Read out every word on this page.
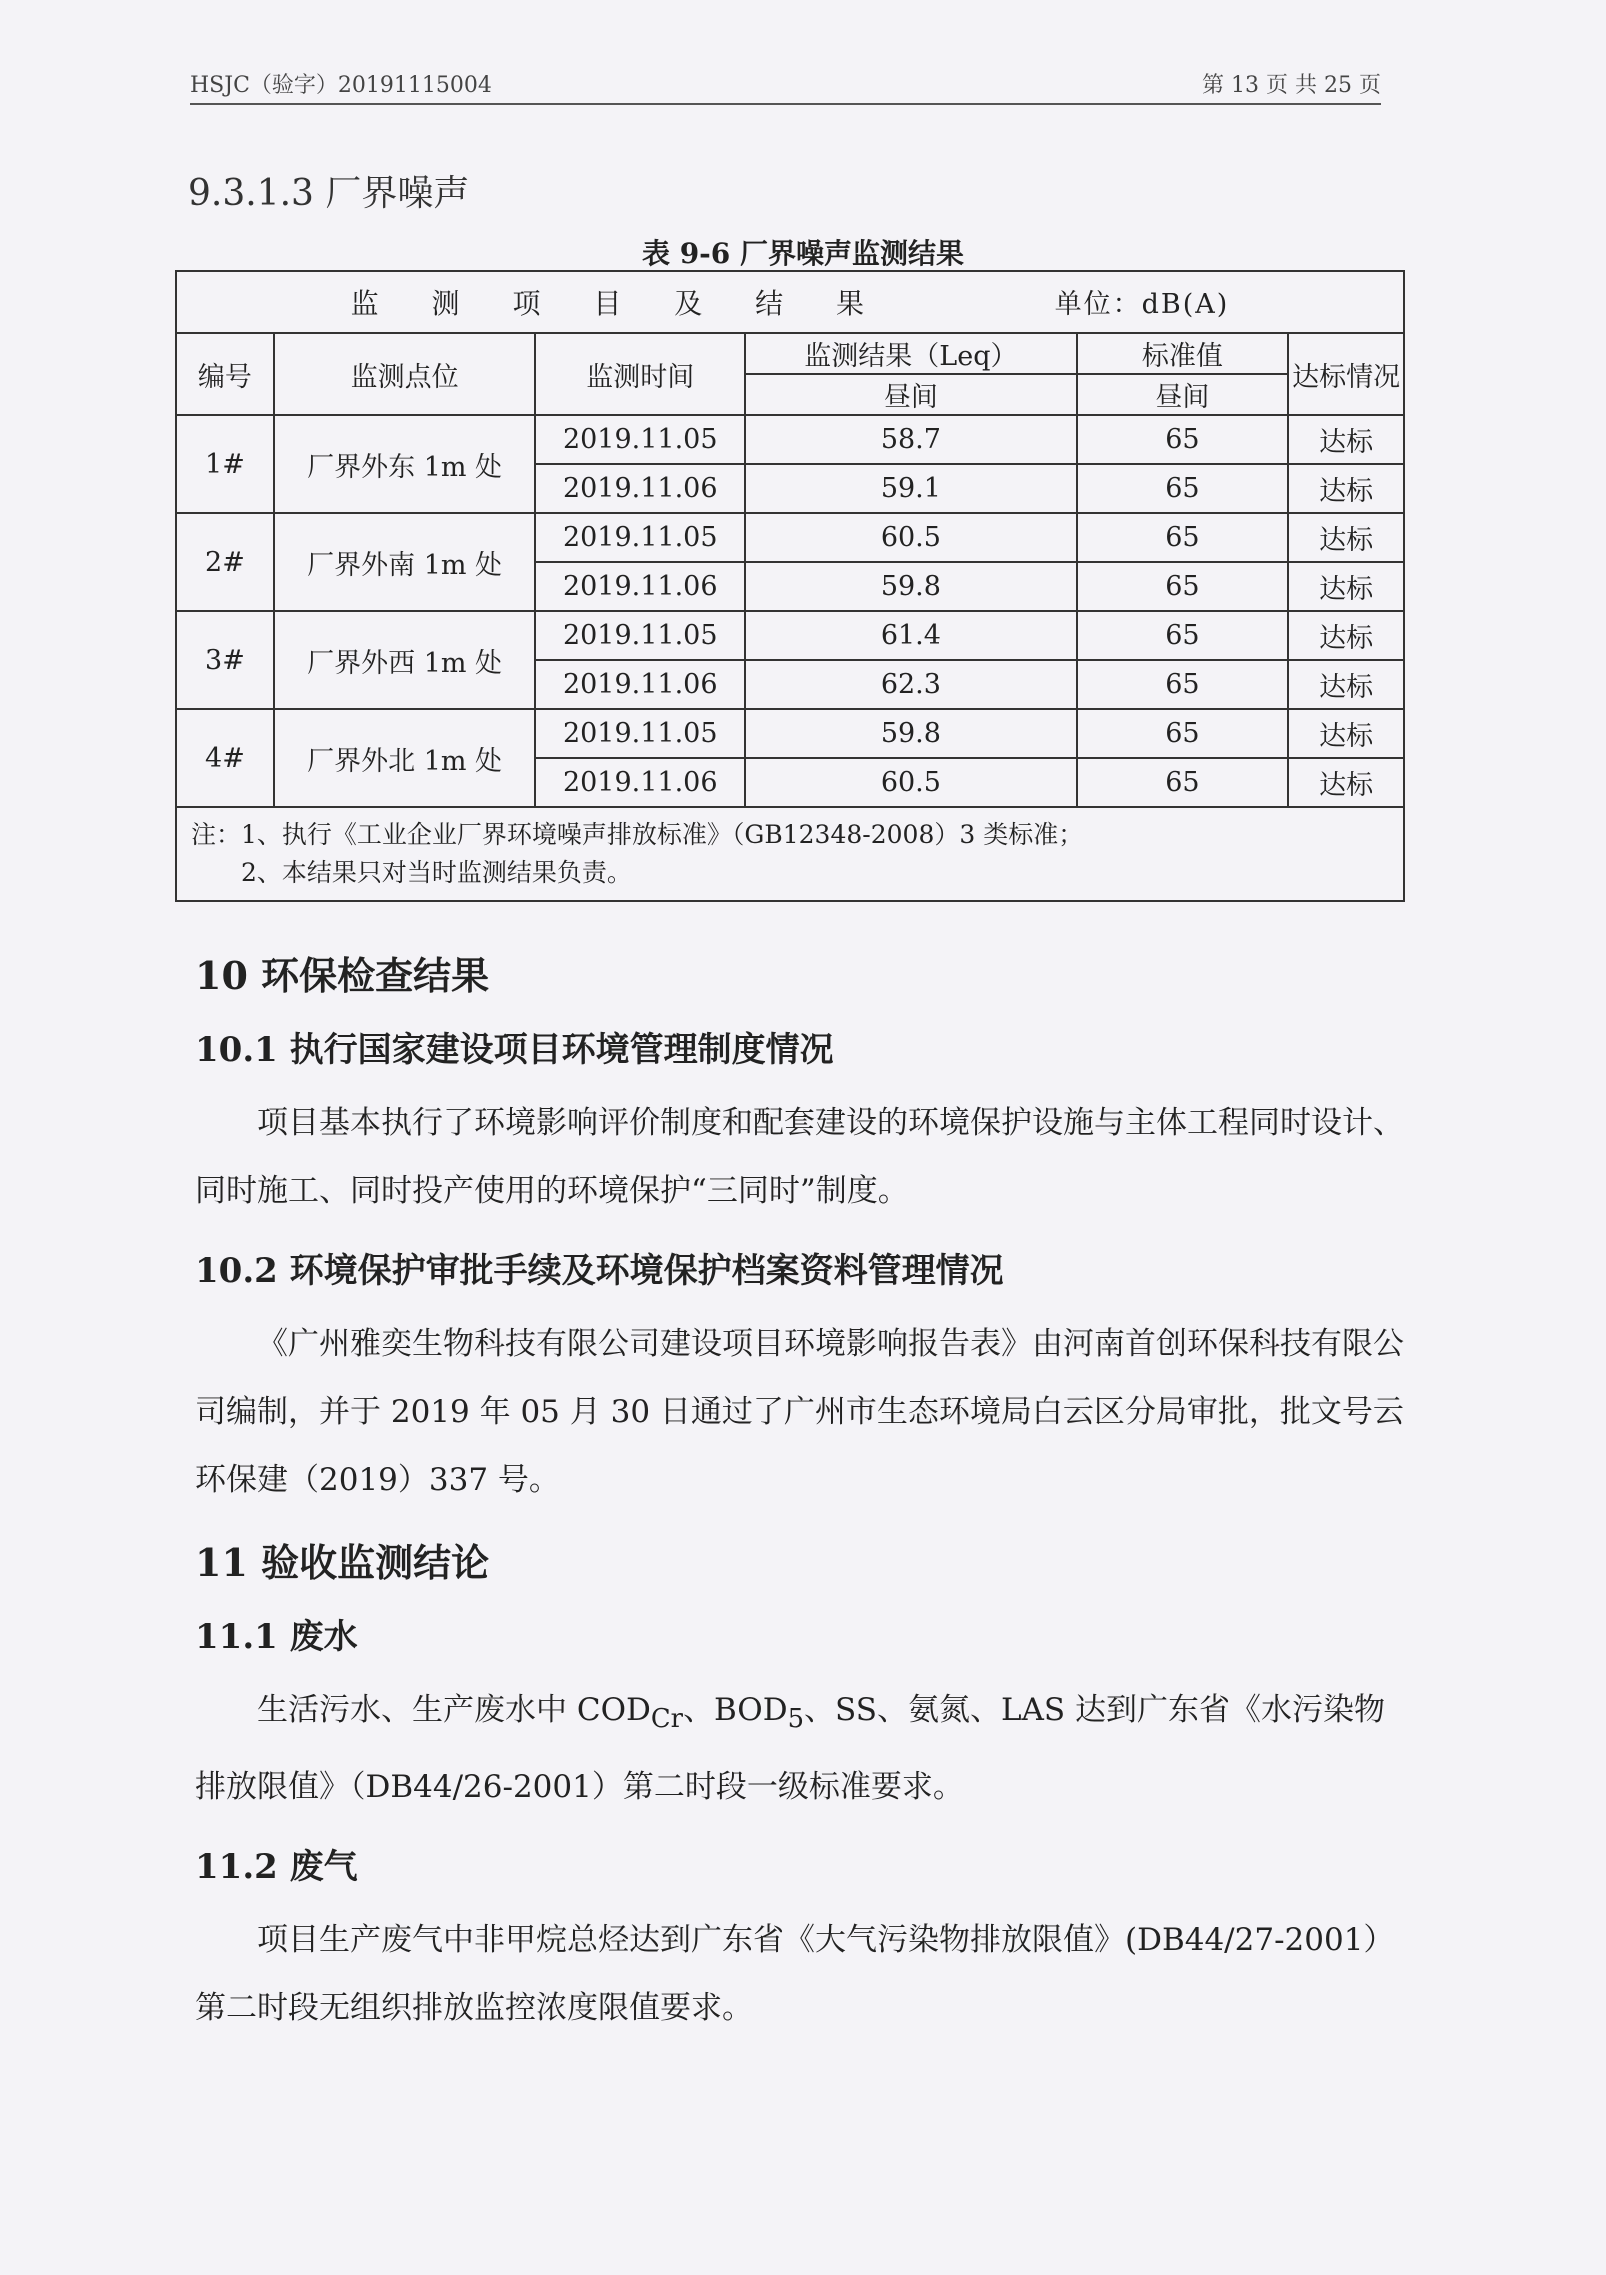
HSJC（验字）20191115004	第 13 页 共 25 页
9.3.1.3 厂界噪声
表 9-6 厂界噪声监测结果
监 测 项 目 及 结 果 单位：dB(A)					
编号	监测点位	监测时间	监测结果（Leq）	标准值	达标情况
			昼间	昼间	
1#	厂界外东 1m 处	2019.11.05	58.7	65	达标
		2019.11.06	59.1	65	达标
2#	厂界外南 1m 处	2019.11.05	60.5	65	达标
		2019.11.06	59.8	65	达标
3#	厂界外西 1m 处	2019.11.05	61.4	65	达标
		2019.11.06	62.3	65	达标
4#	厂界外北 1m 处	2019.11.05	59.8	65	达标
		2019.11.06	60.5	65	达标

注：1、执行《工业企业厂界环境噪声排放标准》（GB12348-2008）3 类标准；
2、本结果只对当时监测结果负责。					
10 环保检查结果
10.1 执行国家建设项目环境管理制度情况

项目基本执行了环境影响评价制度和配套建设的环境保护设施与主体工程同时设计、同时施工、同时投产使用的环境保护“三同时”制度。

10.2 环境保护审批手续及环境保护档案资料管理情况

《广州雅奕生物科技有限公司建设项目环境影响报告表》由河南首创环保科技有限公司编制，并于 2019 年 05 月 30 日通过了广州市生态环境局白云区分局审批，批文号云环保建（2019）337 号。

11 验收监测结论
11.1 废水

生活污水、生产废水中 $COD_{Cr}$、$BOD_5$、SS、氨氮、LAS 达到广东省《水污染物排放限值》（DB44/26-2001）第二时段一级标准要求。

11.2 废气

项目生产废气中非甲烷总烃达到广东省《大气污染物排放限值》(DB44/27-2001）第二时段无组织排放监控浓度限值要求。
